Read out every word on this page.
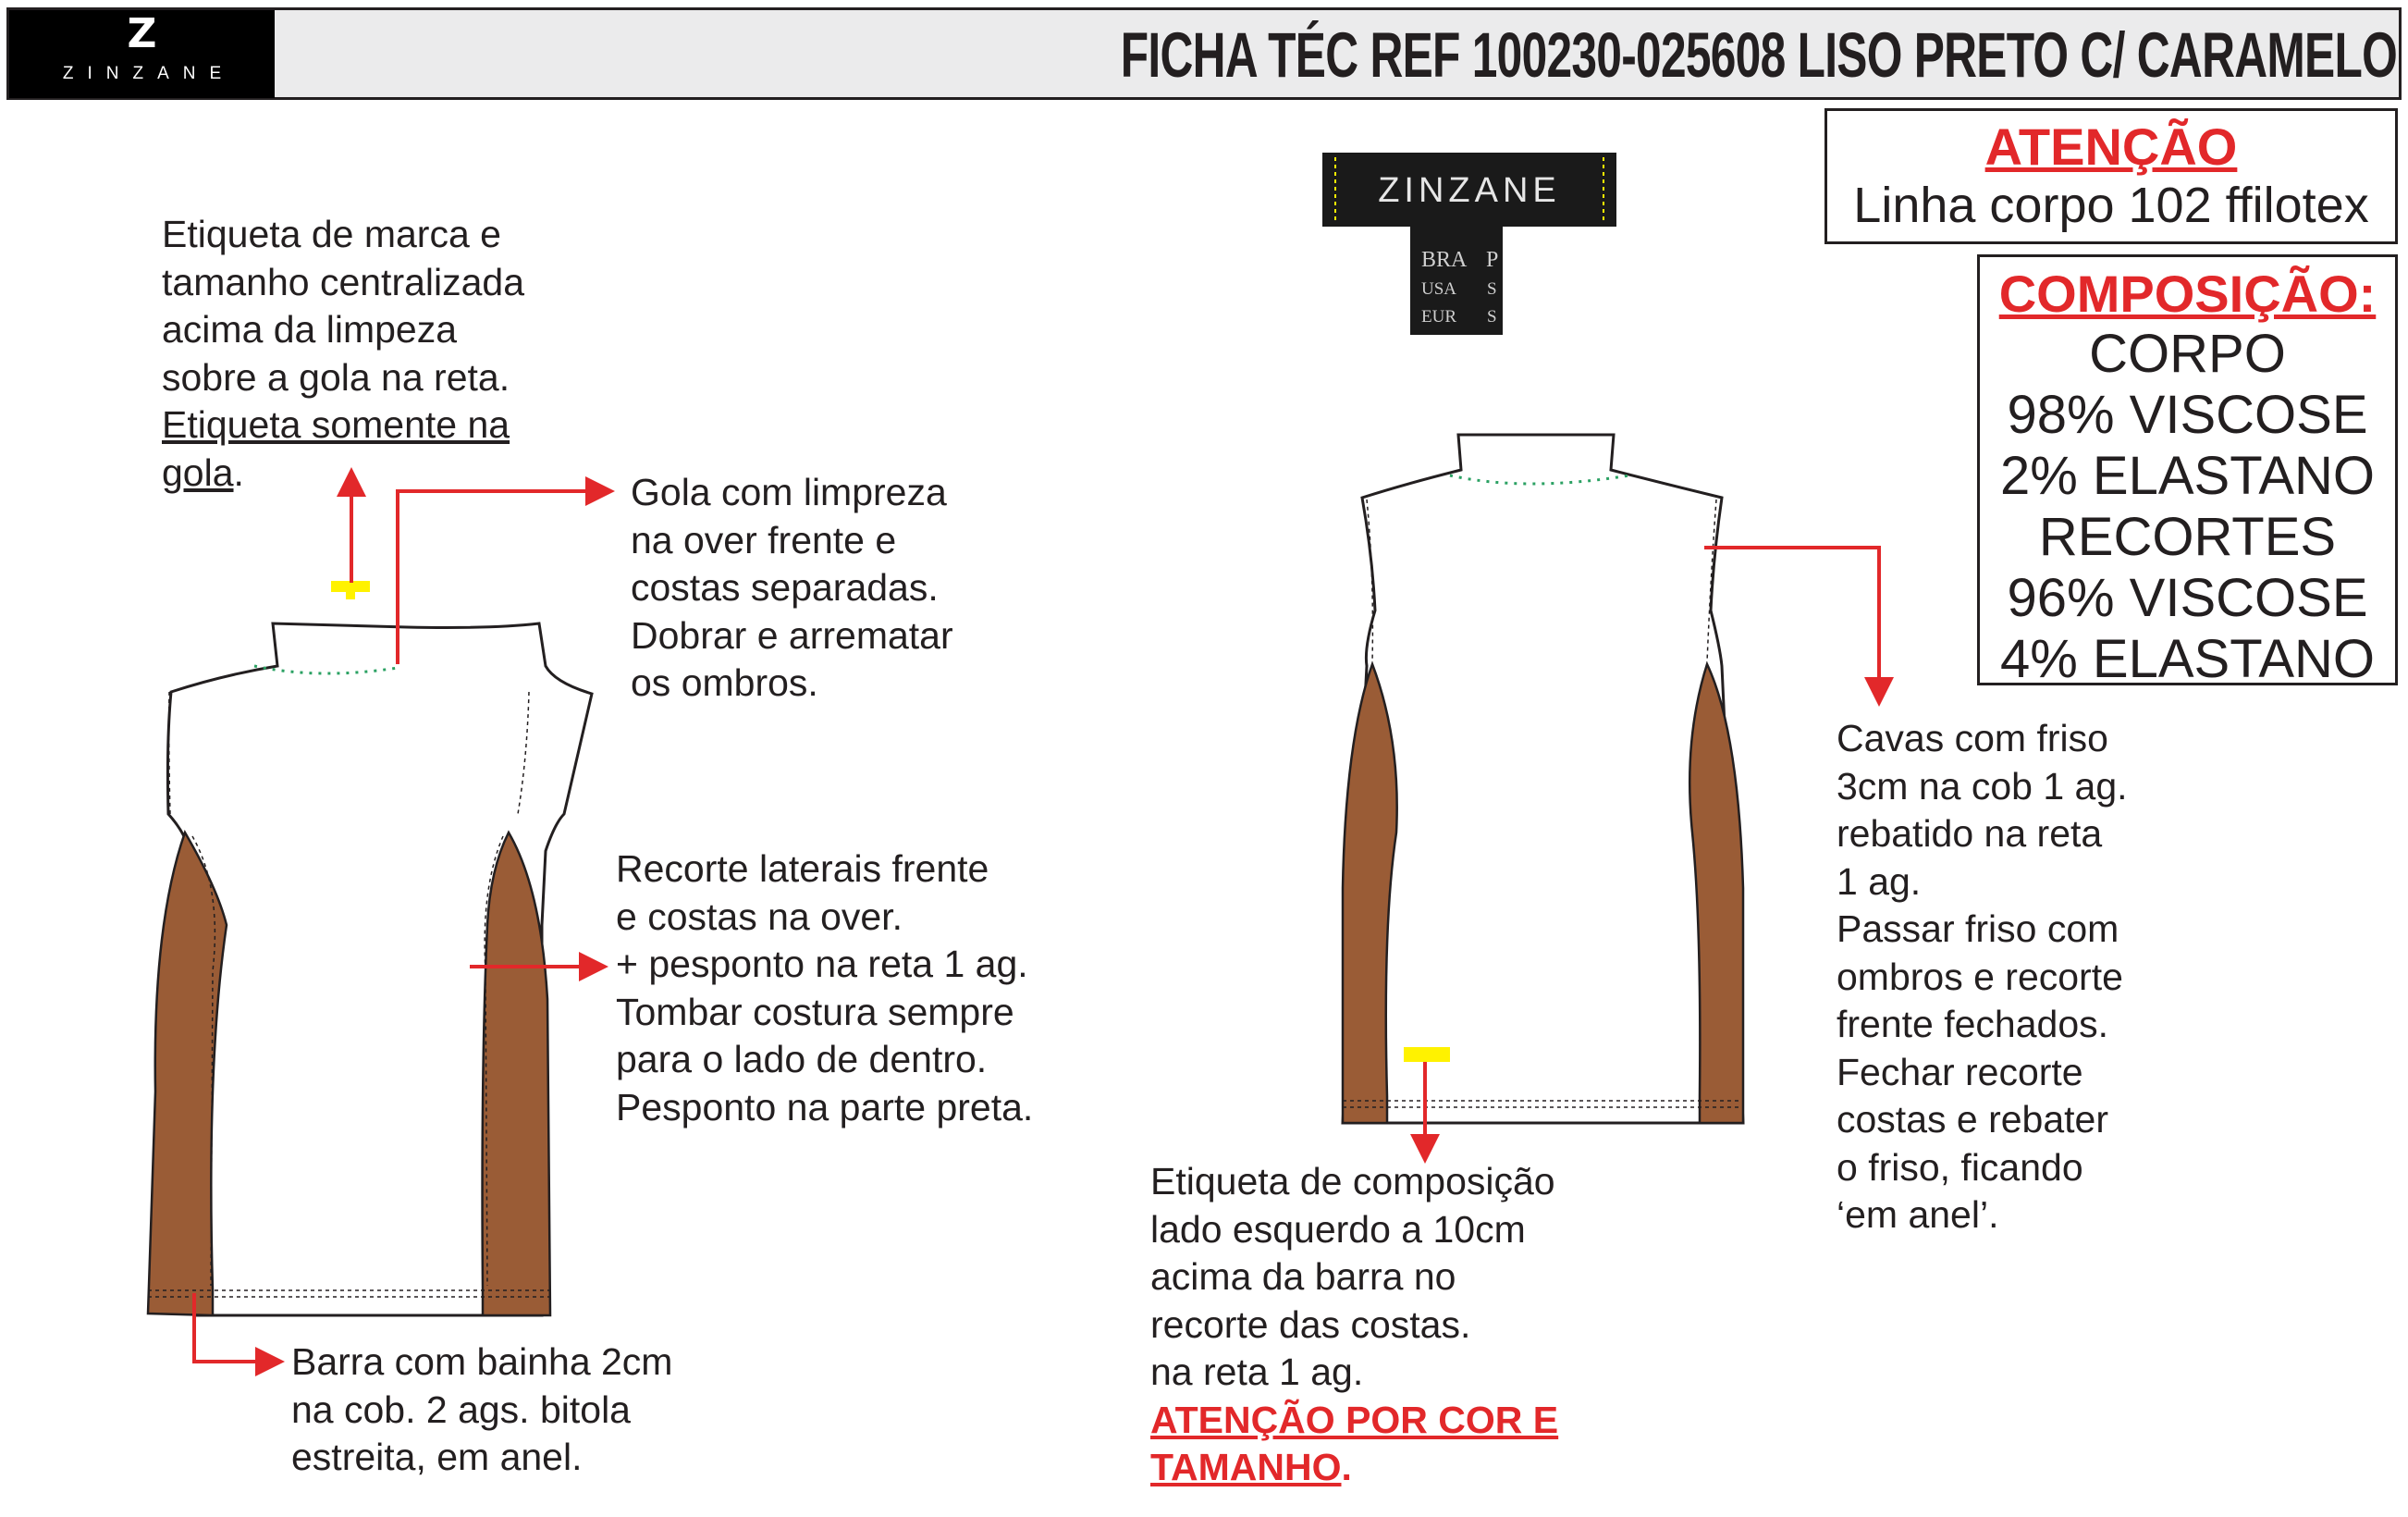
Z
ZINZANE	FICHA TÉC REF 100230-025608 LISO PRETO C/ CARAMELO
ATENÇÃO
Linha corpo 102 ffilotex
COMPOSIÇÃO:
CORPO
98% VISCOSE
2% ELASTANO
RECORTES
96% VISCOSE
4% ELASTANO
ZINZANE
BRA P
USA S
EUR S
Etiqueta de marca e
tamanho centralizada
acima da limpeza
sobre a gola na reta.
Etiqueta somente na
gola.	Gola com limpreza
na over frente e
costas separadas.
Dobrar e arrematar
os ombros.
Recorte laterais frente
e costas na over.
+ pesponto na reta 1 ag.
Tombar costura sempre
para o lado de dentro.
Pesponto na parte preta.
Barra com bainha 2cm
na cob. 2 ags. bitola
estreita, em anel.
Etiqueta de composição
lado esquerdo a 10cm
acima da barra no
recorte das costas.
na reta 1 ag.
ATENÇÃO POR COR E
TAMANHO.
Cavas com friso
3cm na cob 1 ag.
rebatido na reta
1 ag.
Passar friso com
ombros e recorte
frente fechados.
Fechar recorte
costas e rebater
o friso, ficando
‘em anel’.
